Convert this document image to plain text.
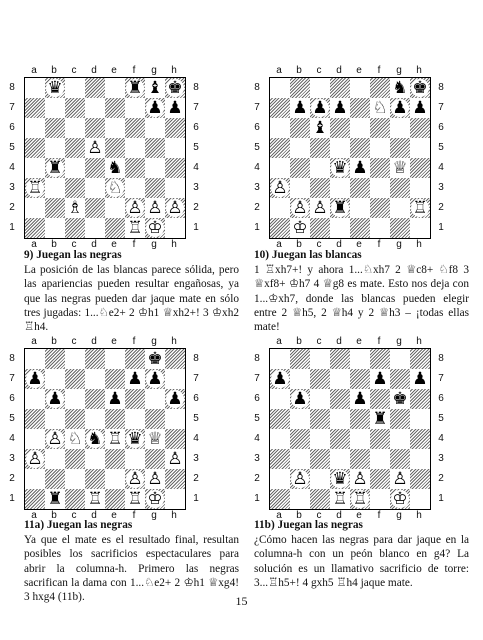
a	b	c	d	e	f	g	h
a	b	c	d	e	f	g	h
8
7
6
5
4
3
2
1
8
7
6
5
4
3
2
1
♛	♜ ♝ ♚
♟ ♟
♙
♜	♞
♖	♘
♗	♙ ♙ ♙
♖ ♔
a	b	c	d	e	f	g	h
a	b	c	d	e	f	g	h
8
7
6
5
4
3
2
1
8
7
6
5
4
3
2
1
♞ ♚
♟ ♟ ♟ ♘ ♟ ♟
♝
♛ ♟ ♕
♙
♙ ♙ ♜	♖
♔
a	b	c	d	e	f	g	h
a	b	c	d	e	f	g	h
8
7
6
5
4
3
2
1
8
7
6
5
4
3
2
1
♚
♟	♟ ♟
♟	♟	♟
♙ ♘ ♞ ♖ ♛ ♕
♙	♙
♙ ♙
♜ ♖ ♖ ♔
a	b	c	d	e	f	g	h
a	b	c	d	e	f	g	h
8
7
6
5
4
3
2
1
8
7
6
5
4
3
2
1
♟	♟ ♟
♟	♟ ♚
♜
♙ ♛ ♙ ♙
♖ ♖ ♔
9) Juegan las negras
La posición de las blancas parece sólida, pero las apariencias pueden resultar engañosas, ya que las negras pueden dar jaque mate en sólo tres jugadas: 1...♘e2+ 2 ♔h1 ♕xh2+! 3 ♔xh2 ♖h4.
10) Juegan las blancas
1 ♖xh7+! y ahora 1...♘xh7 2 ♕c8+ ♘f8 3 ♕xf8+ ♔h7 4 ♕g8 es mate. Esto nos deja con 1...♔xh7, donde las blancas pueden elegir entre 2 ♕h5, 2 ♕h4 y 2 ♕h3 – ¡todas ellas mate!
11a) Juegan las negras
Ya que el mate es el resultado final, resultan posibles los sacrificios espectaculares para abrir la columna-h. Primero las negras sacrifican la dama con 1...♘e2+ 2 ♔h1 ♕xg4! 3 hxg4 (11b).
11b) Juegan las negras
¿Cómo hacen las negras para dar jaque en la columna-h con un peón blanco en g4? La solución es un llamativo sacrificio de torre: 3...♖h5+! 4 gxh5 ♖h4 jaque mate.
15
